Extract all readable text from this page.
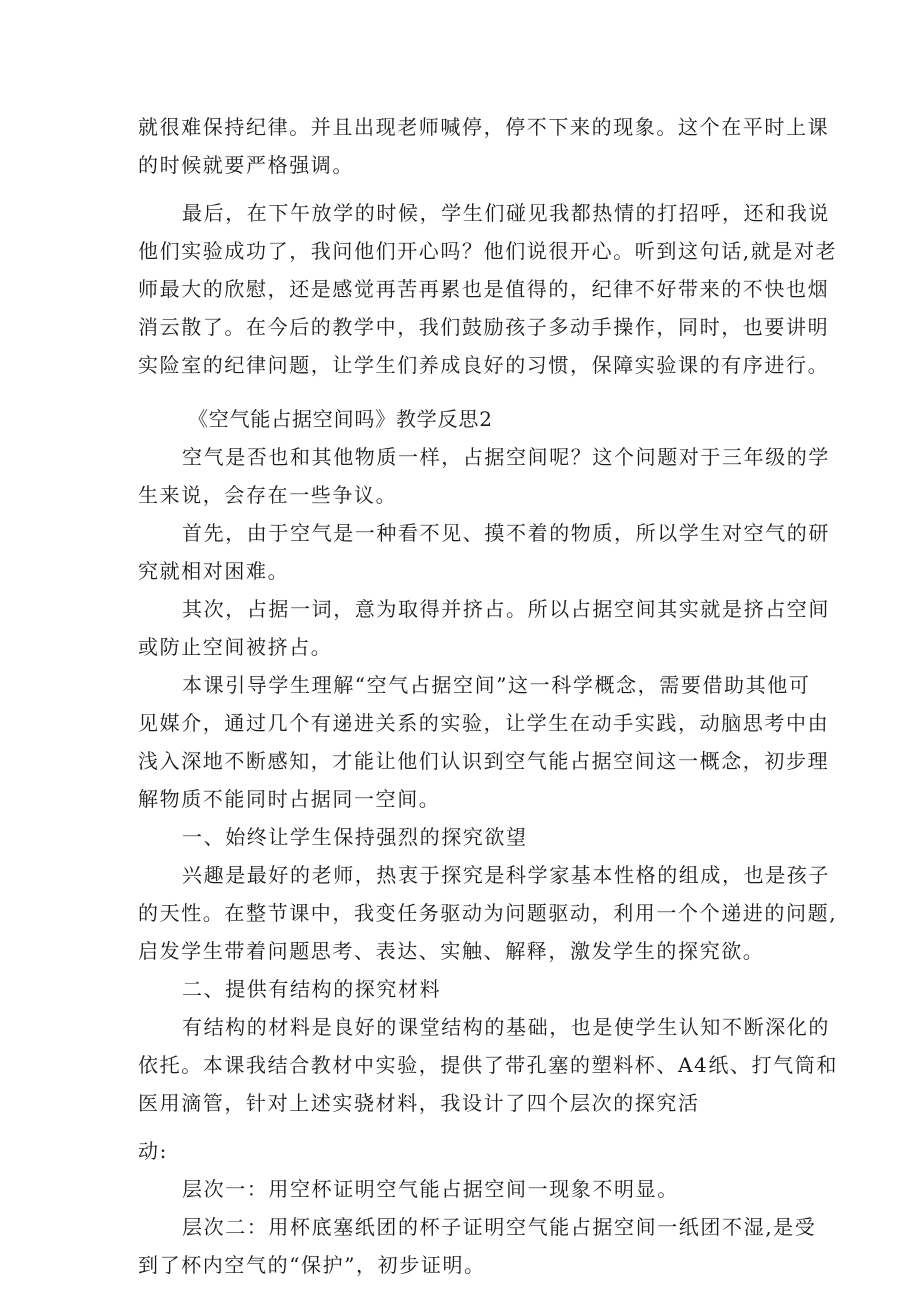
就很难保持纪律。并且出现老师喊停，停不下来的现象。这个在平时上课
的时候就要严格强调。
最后，在下午放学的时候，学生们碰见我都热情的打招呼，还和我说
他们实验成功了，我问他们开心吗？他们说很开心。听到这句话,就是对老
师最大的欣慰，还是感觉再苦再累也是值得的，纪律不好带来的不快也烟
消云散了。在今后的教学中，我们鼓励孩子多动手操作，同时，也要讲明
实险室的纪律问题，让学生们养成良好的习惯，保障实验课的有序进行。
《空气能占据空间吗》教学反思2
空气是否也和其他物质一样，占据空间呢？这个问题对于三年级的学
生来说，会存在一些争议。
首先，由于空气是一种看不见、摸不着的物质，所以学生对空气的研
究就相对困难。
其次，占据一词，意为取得并挤占。所以占据空间其实就是挤占空间
或防止空间被挤占。
本课引导学生理解“空气占据空间”这一科学概念，需要借助其他可
见媒介，通过几个有递进关系的实验，让学生在动手实践，动脑思考中由
浅入深地不断感知，才能让他们认识到空气能占据空间这一概念，初步理
解物质不能同时占据同一空间。
一、始终让学生保持强烈的探究欲望
兴趣是最好的老师，热衷于探究是科学家基本性格的组成，也是孩子
的天性。在整节课中，我变任务驱动为问题驱动，利用一个个递进的问题,
启发学生带着问题思考、表达、实触、解释，激发学生的探究欲。
二、提供有结构的探究材料
有结构的材料是良好的课堂结构的基础，也是使学生认知不断深化的
依托。本课我结合教材中实验，提供了带孔塞的塑料杯、A4纸、打气筒和
医用滴管，针对上述实骁材料，我设计了四个层次的探究活
动:
层次一：用空杯证明空气能占据空间一现象不明显。
层次二：用杯底塞纸团的杯子证明空气能占据空间一纸团不湿,是受
到了杯内空气的“保护”，初步证明。
